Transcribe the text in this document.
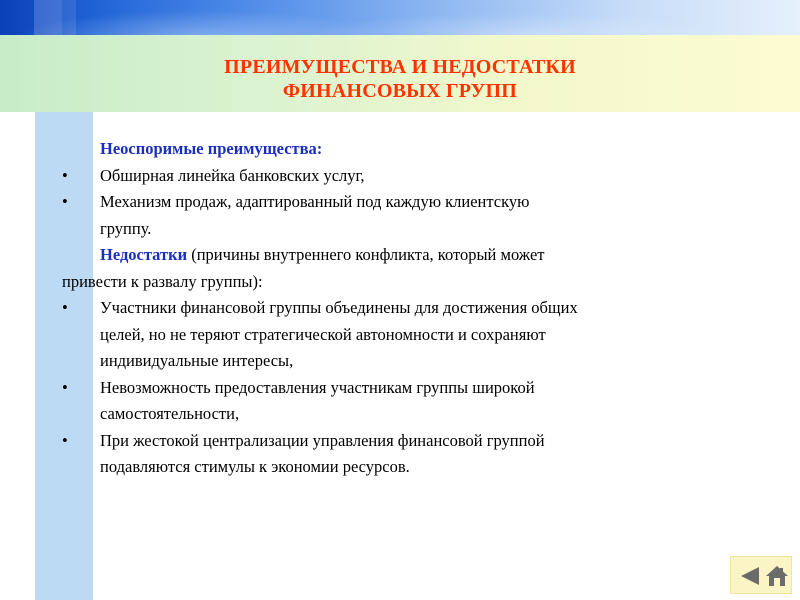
ПРЕИМУЩЕСТВА И НЕДОСТАТКИ
ФИНАНСОВЫХ ГРУПП
Неоспоримые преимущества:
•	Обширная линейка банковских услуг,
•	Механизм продаж, адаптированный под каждую клиентскую
группу.
Недостатки (причины внутреннего конфликта, который может
привести к развалу группы):
•	Участники финансовой группы объединены для достижения общих
целей, но не теряют стратегической автономности и сохраняют
индивидуальные интересы,
•	Невозможность предоставления участникам группы широкой
самостоятельности,
•	При жестокой централизации управления финансовой группой
подавляются стимулы к экономии ресурсов.
